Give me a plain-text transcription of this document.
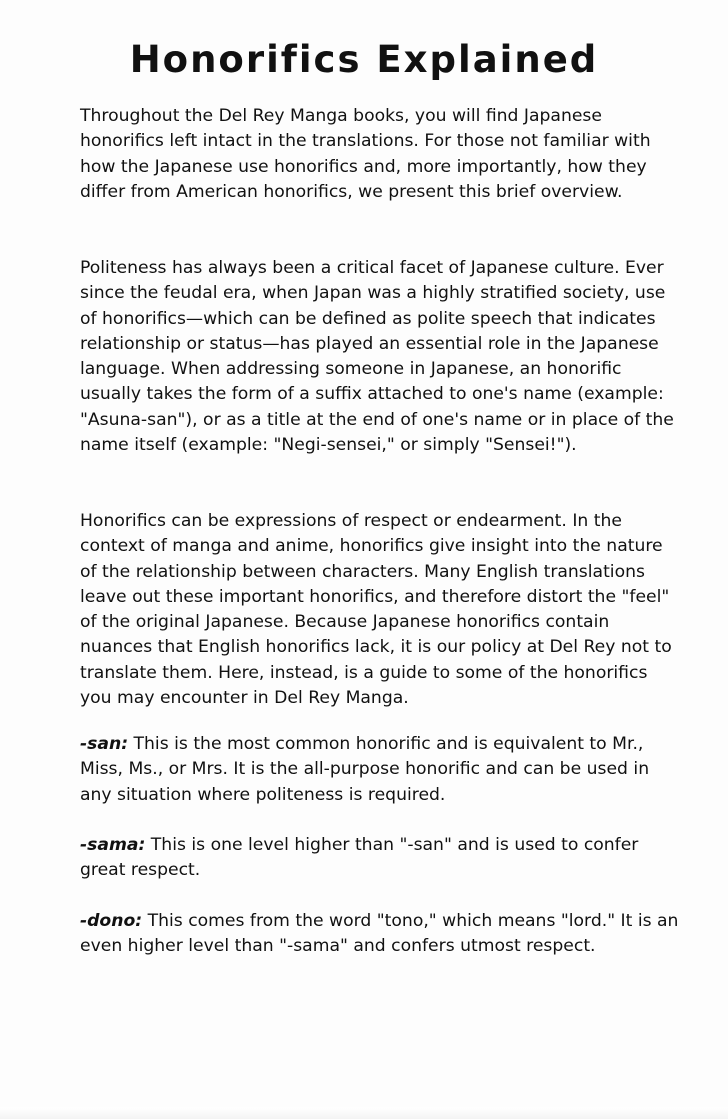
Honorifics Explained

Throughout the Del Rey Manga books, you will find Japanese honorifics left intact in the translations. For those not familiar with how the Japanese use honorifics and, more importantly, how they differ from American honorifics, we present this brief overview.

Politeness has always been a critical facet of Japanese culture. Ever since the feudal era, when Japan was a highly stratified society, use of honorifics—which can be defined as polite speech that indicates relationship or status—has played an essential role in the Japanese language. When addressing someone in Japanese, an honorific usually takes the form of a suffix attached to one's name (example: "Asuna-san"), or as a title at the end of one's name or in place of the name itself (example: "Negi-sensei," or simply "Sensei!").

Honorifics can be expressions of respect or endearment. In the context of manga and anime, honorifics give insight into the nature of the relationship between characters. Many English translations leave out these important honorifics, and therefore distort the "feel" of the original Japanese. Because Japanese honorifics contain nuances that English honorifics lack, it is our policy at Del Rey not to translate them. Here, instead, is a guide to some of the honorifics you may encounter in Del Rey Manga.

-san: This is the most common honorific and is equivalent to Mr., Miss, Ms., or Mrs. It is the all-purpose honorific and can be used in any situation where politeness is required.

-sama: This is one level higher than "-san" and is used to confer great respect.

-dono: This comes from the word "tono," which means "lord." It is an even higher level than "-sama" and confers utmost respect.
